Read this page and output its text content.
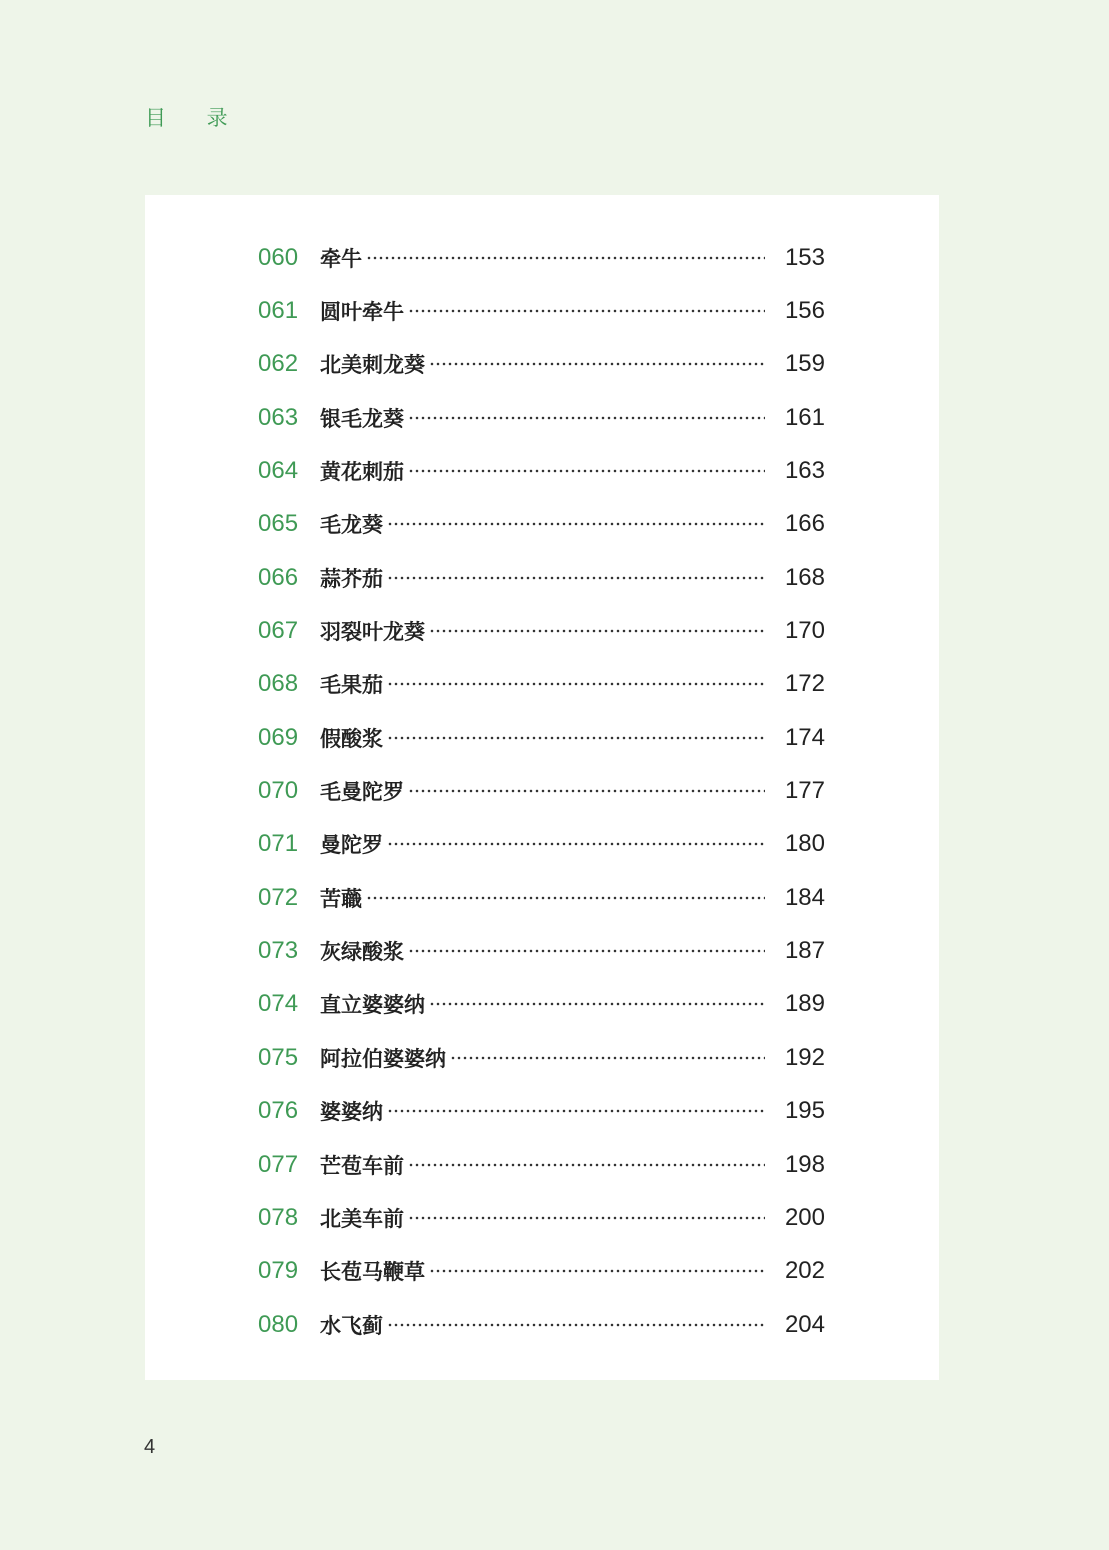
目 录
060	牵牛	153
061	圆叶牵牛	156
062	北美刺龙葵	159
063	银毛龙葵	161
064	黄花刺茄	163
065	毛龙葵	166
066	蒜芥茄	168
067	羽裂叶龙葵	170
068	毛果茄	172
069	假酸浆	174
070	毛曼陀罗	177
071	曼陀罗	180
072	苦蘵	184
073	灰绿酸浆	187
074	直立婆婆纳	189
075	阿拉伯婆婆纳	192
076	婆婆纳	195
077	芒苞车前	198
078	北美车前	200
079	长苞马鞭草	202
080	水飞蓟	204
4
